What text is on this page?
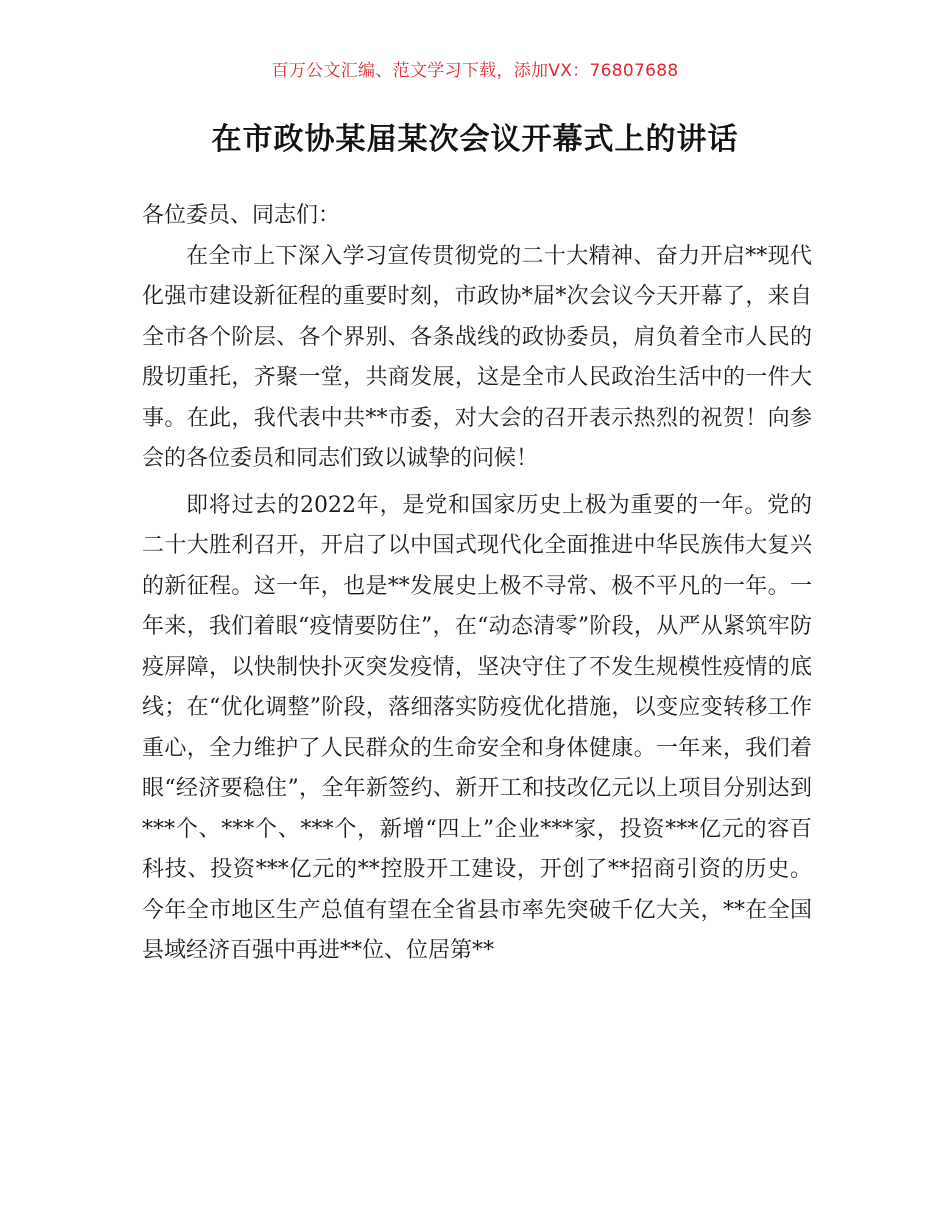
百万公文汇编、范文学习下载，添加VX：76807688
在市政协某届某次会议开幕式上的讲话

各位委员、同志们：

在全市上下深入学习宣传贯彻党的二十大精神、奋力开启**现代化强市建设新征程的重要时刻，市政协*届*次会议今天开幕了，来自全市各个阶层、各个界别、各条战线的政协委员，肩负着全市人民的殷切重托，齐聚一堂，共商发展，这是全市人民政治生活中的一件大事。在此，我代表中共**市委，对大会的召开表示热烈的祝贺！向参会的各位委员和同志们致以诚挚的问候！

即将过去的2022年，是党和国家历史上极为重要的一年。党的二十大胜利召开，开启了以中国式现代化全面推进中华民族伟大复兴的新征程。这一年，也是**发展史上极不寻常、极不平凡的一年。一年来，我们着眼“疫情要防住”，在“动态清零”阶段，从严从紧筑牢防疫屏障，以快制快扑灭突发疫情，坚决守住了不发生规模性疫情的底线；在“优化调整”阶段，落细落实防疫优化措施，以变应变转移工作重心，全力维护了人民群众的生命安全和身体健康。一年来，我们着眼“经济要稳住”，全年新签约、新开工和技改亿元以上项目分别达到***个、***个、***个，新增“四上”企业***家，投资***亿元的容百科技、投资***亿元的**控股开工建设，开创了**招商引资的历史。今年全市地区生产总值有望在全省县市率先突破千亿大关，**在全国县域经济百强中再进**位、位居第**
